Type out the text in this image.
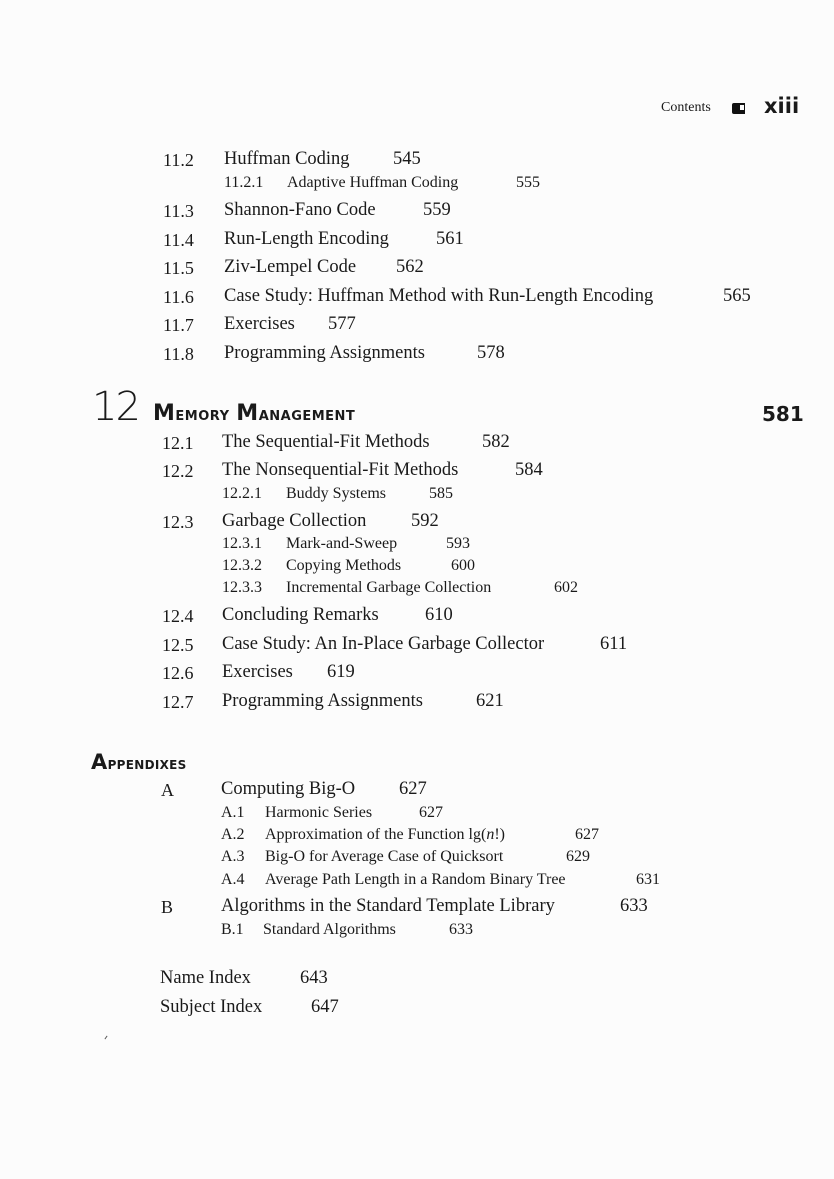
Contents	xiii
11.2 Huffman Coding 545
11.2.1 Adaptive Huffman Coding	555
11.3 Shannon-Fano Code	559
11.4 Run-Length Encoding	561
11.5 Ziv-Lempel Code 562
11.6 Case Study: Huffman Method with Run-Length Encoding	565
11.7 Exercises 577
11.8 Programming Assignments	578
12 Memory Management	581
12.1 The Sequential-Fit Methods	582
12.2 The Nonsequential-Fit Methods	584
12.2.1 Buddy Systems	585
12.3 Garbage Collection 592
12.3.1 Mark-and-Sweep	593
12.3.2 Copying Methods	600
12.3.3 Incremental Garbage Collection	602
12.4 Concluding Remarks	610
12.5 Case Study: An In-Place Garbage Collector	611
12.6 Exercises 619
12.7 Programming Assignments	621
Appendixes
A	Computing Big-O 627
A.1 Harmonic Series	627
A.2 Approximation of the Function lg(n!)	627
A.3 Big-O for Average Case of Quicksort	629
A.4 Average Path Length in a Random Binary Tree	631
B	Algorithms in the Standard Template Library	633
B.1 Standard Algorithms	633
Name Index	643
Subject Index	647
